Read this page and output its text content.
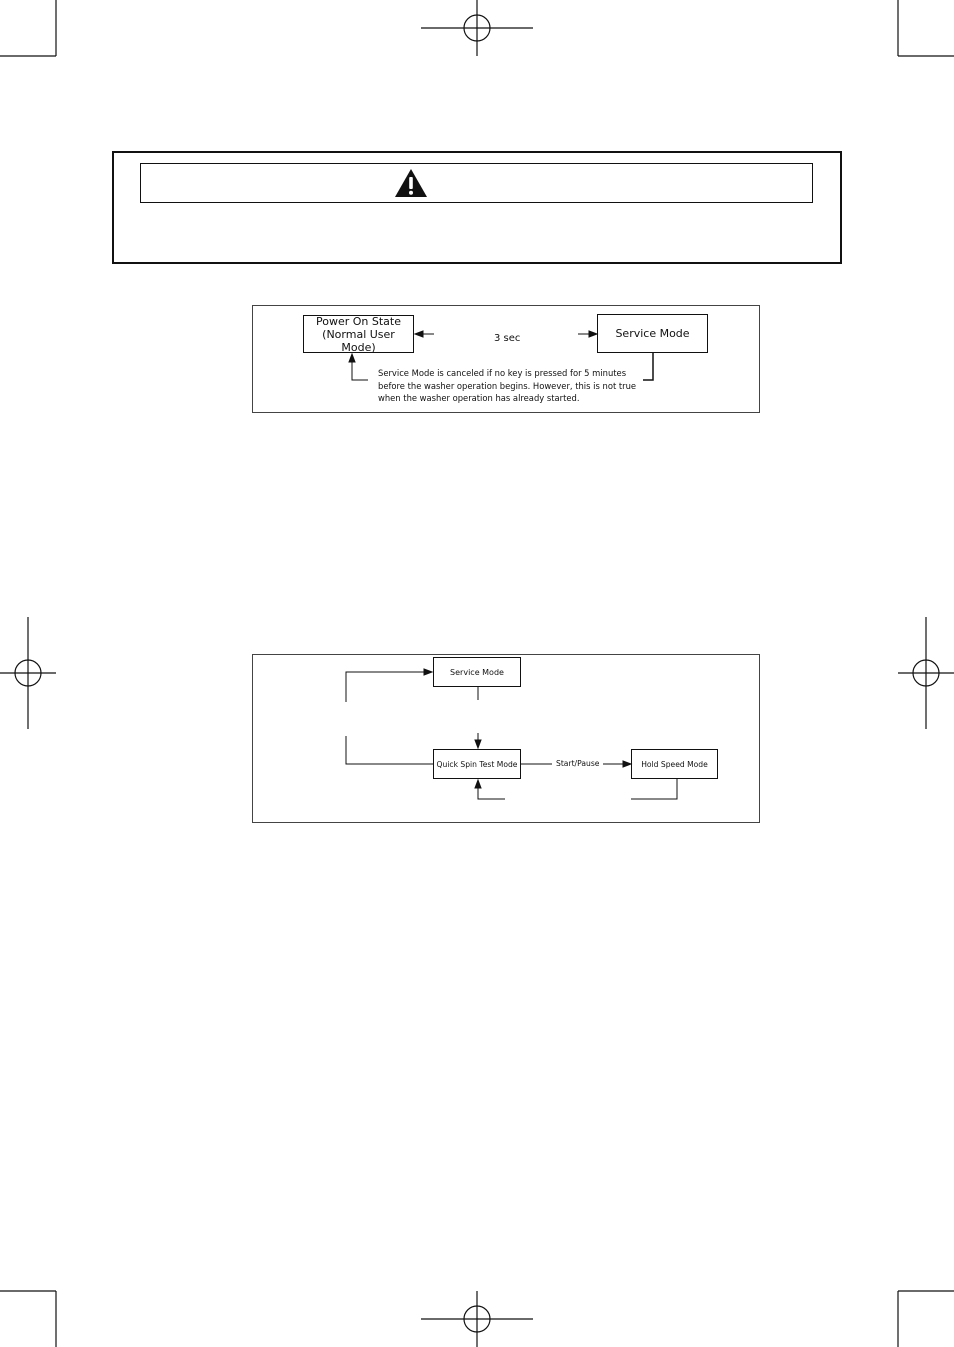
Power On State
(Normal User Mode)
3 sec	Service Mode
Service Mode is canceled if no key is pressed for 5 minutes
before the washer operation begins. However, this is not true
when the washer operation has already started.
Service Mode
Quick Spin Test Mode	Start/Pause	Hold Speed Mode
